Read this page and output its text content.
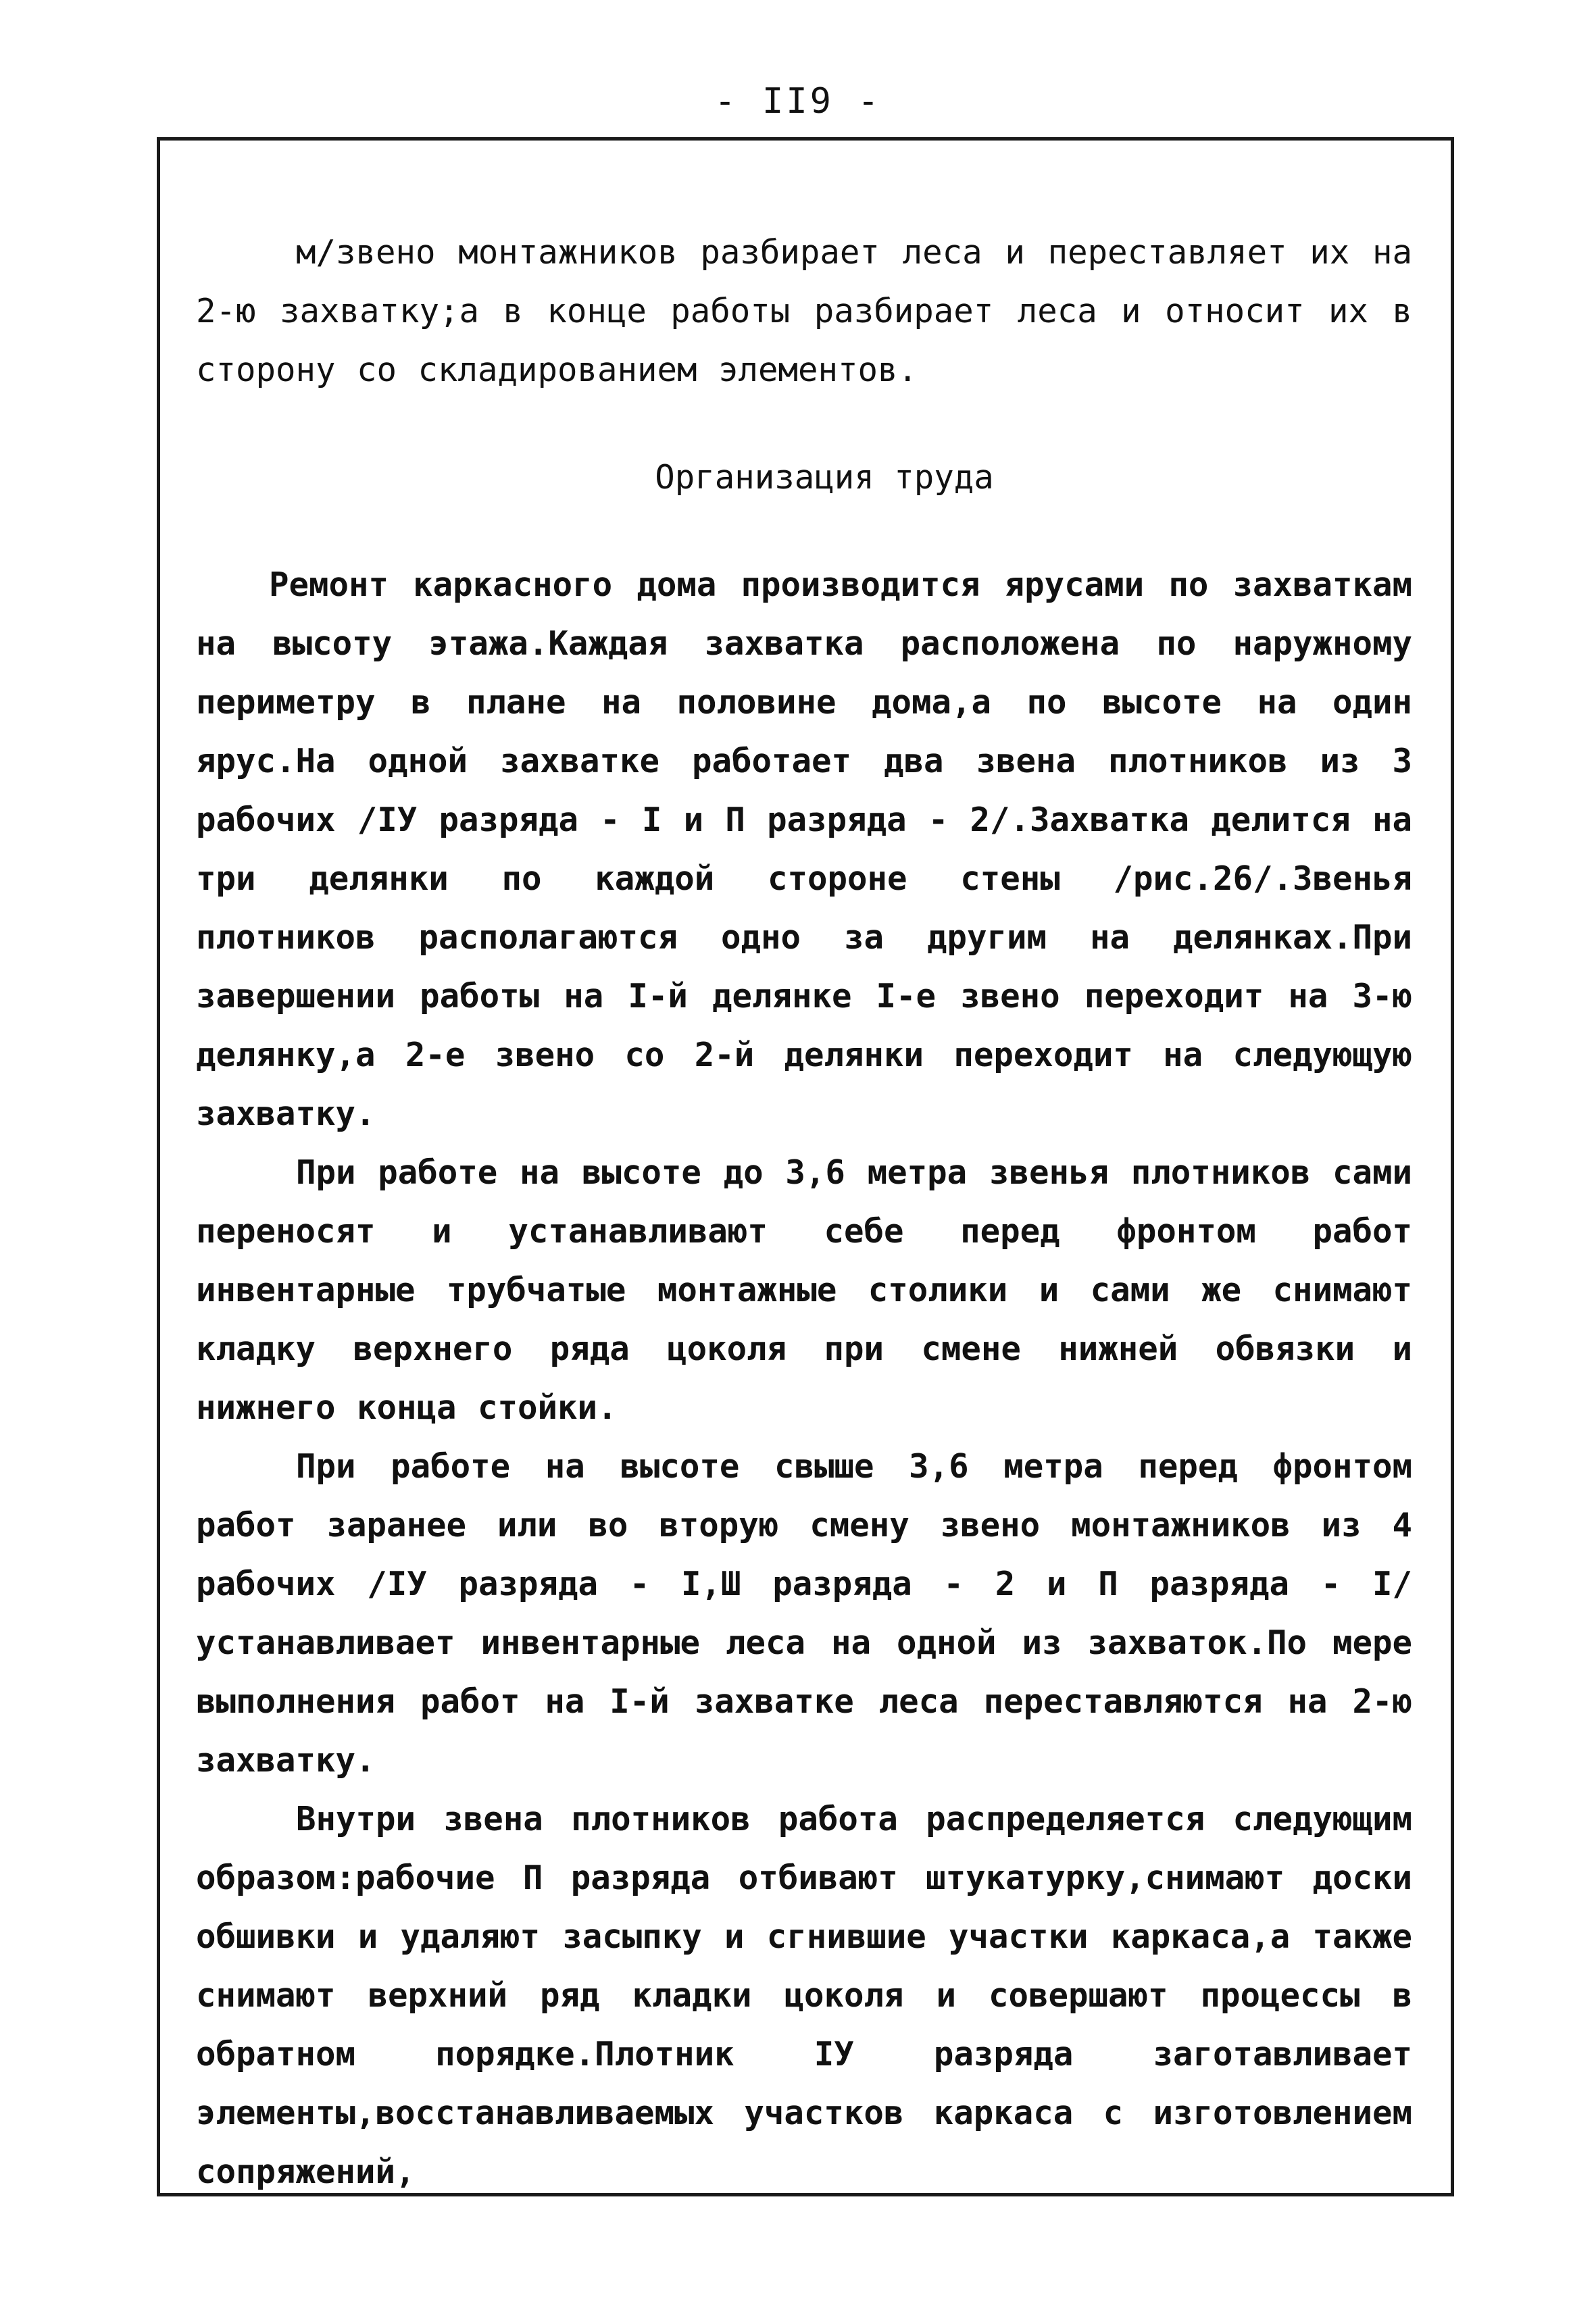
- II9 -

м/звено монтажников разбирает леса и переставляет их на 2-ю захватку;а в конце работы разбирает леса и относит их в сторону со складированием элементов.

Организация труда

Ремонт каркасного дома производится ярусами по захваткам на высоту этажа.Каждая захватка расположена по наружному периметру в плане на половине дома,а по высоте на один ярус.На одной захватке работает два звена плотников из 3 рабочих /IУ разряда - I и П разряда - 2/.Захватка делится на три делянки по каждой стороне стены /рис.26/.Звенья плотников располагаются одно за другим на делянках.При завершении работы на I-й делянке I-е звено переходит на 3-ю делянку,а 2-е звено со 2-й делянки переходит на следующую захватку.

При работе на высоте до 3,6 метра звенья плотников сами переносят и устанавливают себе перед фронтом работ инвентарные трубчатые монтажные столики и сами же снимают кладку верхнего ряда цоколя при смене нижней обвязки и нижнего конца стойки.

При работе на высоте свыше 3,6 метра перед фронтом работ заранее или во вторую смену звено монтажников из 4 рабочих /IУ разряда - I,Ш разряда - 2 и П разряда - I/ устанавливает инвентарные леса на одной из захваток.По мере выполнения работ на I-й захватке леса переставляются на 2-ю захватку.

Внутри звена плотников работа распределяется следующим образом:рабочие П разряда отбивают штукатурку,снимают доски обшивки и удаляют засыпку и сгнившие участки каркаса,а также снимают верхний ряд кладки цоколя и совершают процессы в обратном порядке.Плотник IУ разряда заготавливает элементы,восстанавливаемых участков каркаса с изготовлением сопряжений,
